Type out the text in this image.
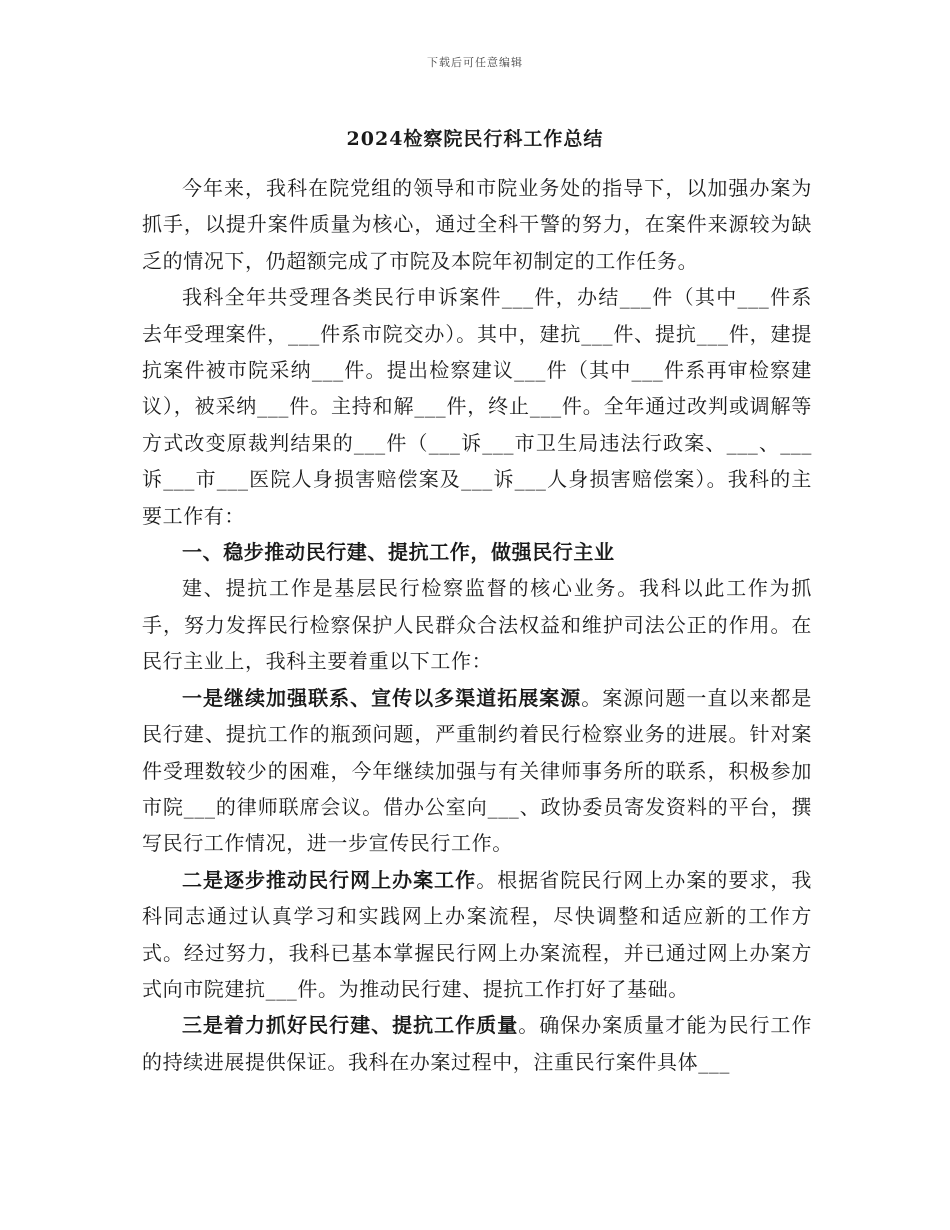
下载后可任意编辑
2024检察院民行科工作总结

今年来，我科在院党组的领导和市院业务处的指导下，以加强办案为抓手，以提升案件质量为核心，通过全科干警的努力，在案件来源较为缺乏的情况下，仍超额完成了市院及本院年初制定的工作任务。

我科全年共受理各类民行申诉案件___件，办结___件（其中___件系去年受理案件，___件系市院交办）。其中，建抗___件、提抗___件，建提抗案件被市院采纳___件。提出检察建议___件（其中___件系再审检察建议），被采纳___件。主持和解___件，终止___件。全年通过改判或调解等方式改变原裁判结果的___件（___诉___市卫生局违法行政案、___、___诉___市___医院人身损害赔偿案及___诉___人身损害赔偿案）。我科的主要工作有：

一、稳步推动民行建、提抗工作，做强民行主业

建、提抗工作是基层民行检察监督的核心业务。我科以此工作为抓手，努力发挥民行检察保护人民群众合法权益和维护司法公正的作用。在民行主业上，我科主要着重以下工作：

一是继续加强联系、宣传以多渠道拓展案源。案源问题一直以来都是民行建、提抗工作的瓶颈问题，严重制约着民行检察业务的进展。针对案件受理数较少的困难，今年继续加强与有关律师事务所的联系，积极参加市院___的律师联席会议。借办公室向___、政协委员寄发资料的平台，撰写民行工作情况，进一步宣传民行工作。

二是逐步推动民行网上办案工作。根据省院民行网上办案的要求，我科同志通过认真学习和实践网上办案流程，尽快调整和适应新的工作方式。经过努力，我科已基本掌握民行网上办案流程，并已通过网上办案方式向市院建抗___件。为推动民行建、提抗工作打好了基础。

三是着力抓好民行建、提抗工作质量。确保办案质量才能为民行工作的持续进展提供保证。我科在办案过程中，注重民行案件具体___
